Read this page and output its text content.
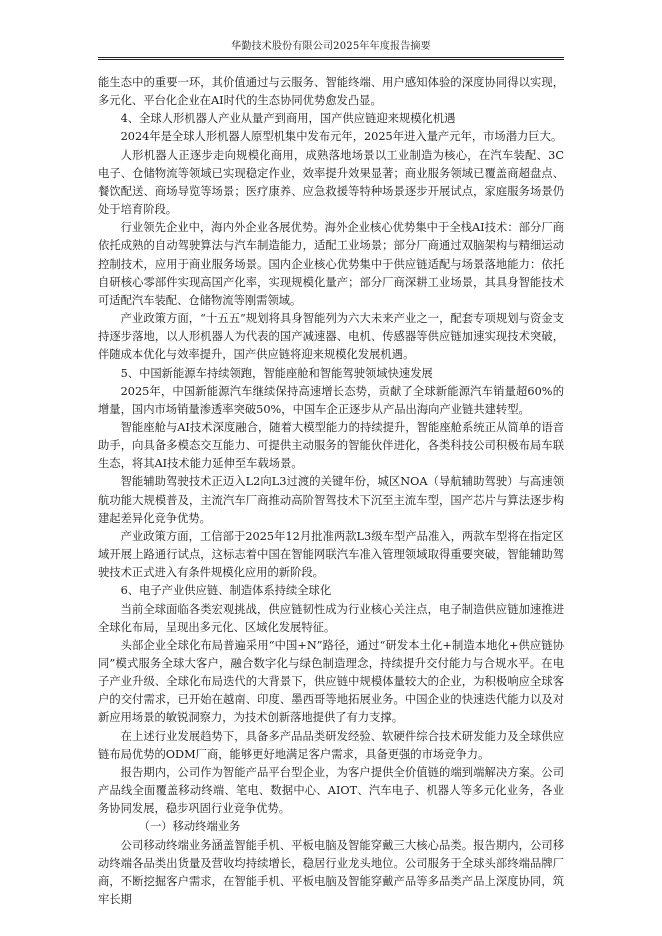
华勤技术股份有限公司2025年年度报告摘要

能生态中的重要一环，其价值通过与云服务、智能终端、用户感知体验的深度协同得以实现，多元化、平台化企业在AI时代的生态协同优势愈发凸显。

4、全球人形机器人产业从量产到商用，国产供应链迎来规模化机遇

2024年是全球人形机器人原型机集中发布元年，2025年进入量产元年，市场潜力巨大。

人形机器人正逐步走向规模化商用，成熟落地场景以工业制造为核心，在汽车装配、3C电子、仓储物流等领域已实现稳定作业，效率提升效果显著；商业服务领域已覆盖商超盘点、餐饮配送、商场导览等场景；医疗康养、应急救援等特种场景逐步开展试点，家庭服务场景仍处于培育阶段。

行业领先企业中，海内外企业各展优势。海外企业核心优势集中于全栈AI技术：部分厂商依托成熟的自动驾驶算法与汽车制造能力，适配工业场景；部分厂商通过双脑架构与精细运动控制技术，应用于商业服务场景。国内企业核心优势集中于供应链适配与场景落地能力：依托自研核心零部件实现高国产化率，实现规模化量产；部分厂商深耕工业场景，其具身智能技术可适配汽车装配、仓储物流等刚需领域。

产业政策方面，“十五五”规划将具身智能列为六大未来产业之一，配套专项规划与资金支持逐步落地，以人形机器人为代表的国产减速器、电机、传感器等供应链加速实现技术突破，伴随成本优化与效率提升，国产供应链将迎来规模化发展机遇。

5、中国新能源车持续领跑，智能座舱和智能驾驶领域快速发展

2025年，中国新能源汽车继续保持高速增长态势，贡献了全球新能源汽车销量超60%的增量，国内市场销量渗透率突破50%，中国车企正逐步从产品出海向产业链共建转型。

智能座舱与AI技术深度融合，随着大模型能力的持续提升，智能座舱系统正从简单的语音助手，向具备多模态交互能力、可提供主动服务的智能伙伴进化，各类科技公司积极布局车联生态，将其AI技术能力延伸至车载场景。

智能辅助驾驶技术正迈入L2向L3过渡的关键年份，城区NOA（导航辅助驾驶）与高速领航功能大规模普及，主流汽车厂商推动高阶智驾技术下沉至主流车型，国产芯片与算法逐步构建起差异化竞争优势。

产业政策方面，工信部于2025年12月批准两款L3级车型产品准入，两款车型将在指定区域开展上路通行试点，这标志着中国在智能网联汽车准入管理领域取得重要突破，智能辅助驾驶技术正式进入有条件规模化应用的新阶段。

6、电子产业供应链、制造体系持续全球化

当前全球面临各类宏观挑战，供应链韧性成为行业核心关注点，电子制造供应链加速推进全球化布局，呈现出多元化、区域化发展特征。

头部企业全球化布局普遍采用“中国+N”路径，通过“研发本土化+制造本地化+供应链协同”模式服务全球大客户，融合数字化与绿色制造理念，持续提升交付能力与合规水平。在电子产业升级、全球化布局迭代的大背景下，供应链中规模体量较大的企业，为积极响应全球客户的交付需求，已开始在越南、印度、墨西哥等地拓展业务。中国企业的快速迭代能力以及对新应用场景的敏锐洞察力，为技术创新落地提供了有力支撑。

在上述行业发展趋势下，具备多产品品类研发经验、软硬件综合技术研发能力及全球供应链布局优势的ODM厂商，能够更好地满足客户需求，具备更强的市场竞争力。

报告期内，公司作为智能产品平台型企业，为客户提供全价值链的端到端解决方案。公司产品线全面覆盖移动终端、笔电、数据中心、AIOT、汽车电子、机器人等多元化业务，各业务协同发展，稳步巩固行业竞争优势。

（一）移动终端业务

公司移动终端业务涵盖智能手机、平板电脑及智能穿戴三大核心品类。报告期内，公司移动终端各品类出货量及营收均持续增长，稳居行业龙头地位。公司服务于全球头部终端品牌厂商，不断挖掘客户需求，在智能手机、平板电脑及智能穿戴产品等多品类产品上深度协同，筑牢长期
